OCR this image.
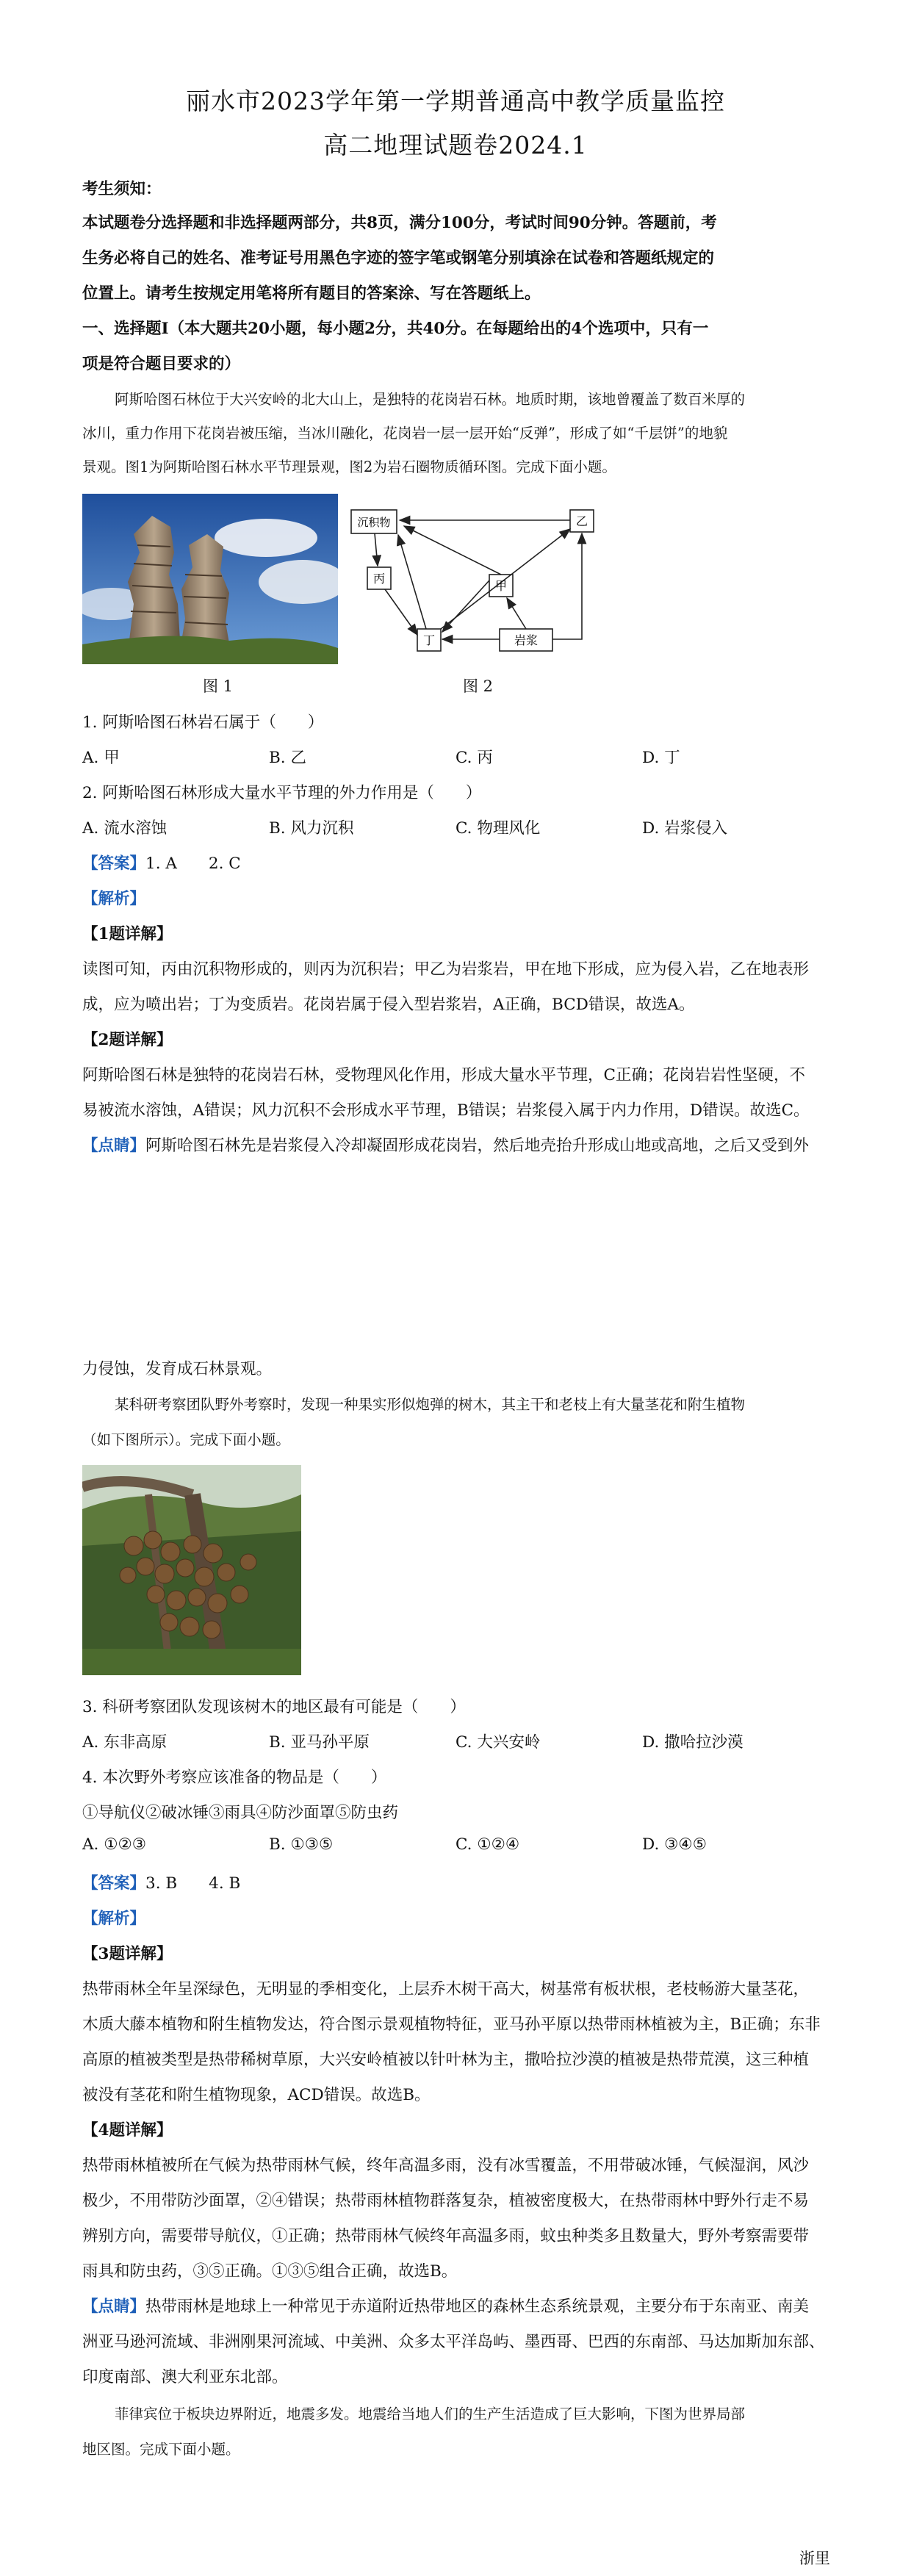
丽水市2023学年第一学期普通高中教学质量监控
高二地理试题卷2024.1
考生须知：
本试题卷分选择题和非选择题两部分，共8页，满分100分，考试时间90分钟。答题前，考
生务必将自己的姓名、准考证号用黑色字迹的签字笔或钢笔分别填涂在试卷和答题纸规定的
位置上。请考生按规定用笔将所有题目的答案涂、写在答题纸上。
一、选择题Ⅰ（本大题共20小题，每小题2分，共40分。在每题给出的4个选项中，只有一
项是符合题目要求的）
阿斯哈图石林位于大兴安岭的北大山上，是独特的花岗岩石林。地质时期，该地曾覆盖了数百米厚的
冰川，重力作用下花岗岩被压缩，当冰川融化，花岗岩一层一层开始“反弹”，形成了如“千层饼”的地貌
景观。图1为阿斯哈图石林水平节理景观，图2为岩石圈物质循环图。完成下面小题。
沉积物
丙
丁	岩浆
甲
乙
图 1	图 2
1. 阿斯哈图石林岩石属于（　　）
A. 甲	B. 乙	C. 丙	D. 丁
2. 阿斯哈图石林形成大量水平节理的外力作用是（　　）
A. 流水溶蚀	B. 风力沉积	C. 物理风化	D. 岩浆侵入
【答案】1. A　　2. C
【解析】
【1题详解】
读图可知，丙由沉积物形成的，则丙为沉积岩；甲乙为岩浆岩，甲在地下形成，应为侵入岩，乙在地表形
成，应为喷出岩；丁为变质岩。花岗岩属于侵入型岩浆岩，A正确，BCD错误，故选A。
【2题详解】
阿斯哈图石林是独特的花岗岩石林，受物理风化作用，形成大量水平节理，C正确；花岗岩岩性坚硬，不
易被流水溶蚀，A错误；风力沉积不会形成水平节理，B错误；岩浆侵入属于内力作用，D错误。故选C。
【点睛】阿斯哈图石林先是岩浆侵入冷却凝固形成花岗岩，然后地壳抬升形成山地或高地，之后又受到外
力侵蚀，发育成石林景观。
某科研考察团队野外考察时，发现一种果实形似炮弹的树木，其主干和老枝上有大量茎花和附生植物
（如下图所示）。完成下面小题。
3. 科研考察团队发现该树木的地区最有可能是（　　）
A. 东非高原	B. 亚马孙平原	C. 大兴安岭	D. 撒哈拉沙漠
4. 本次野外考察应该准备的物品是（　　）
①导航仪②破冰锤③雨具④防沙面罩⑤防虫药
A. ①②③	B. ①③⑤	C. ①②④	D. ③④⑤
【答案】3. B　　4. B
【解析】
【3题详解】
热带雨林全年呈深绿色，无明显的季相变化，上层乔木树干高大，树基常有板状根，老枝畅游大量茎花，
木质大藤本植物和附生植物发达，符合图示景观植物特征，亚马孙平原以热带雨林植被为主，B正确；东非
高原的植被类型是热带稀树草原，大兴安岭植被以针叶林为主，撒哈拉沙漠的植被是热带荒漠，这三种植
被没有茎花和附生植物现象，ACD错误。故选B。
【4题详解】
热带雨林植被所在气候为热带雨林气候，终年高温多雨，没有冰雪覆盖，不用带破冰锤，气候湿润，风沙
极少，不用带防沙面罩，②④错误；热带雨林植物群落复杂，植被密度极大，在热带雨林中野外行走不易
辨别方向，需要带导航仪，①正确；热带雨林气候终年高温多雨，蚊虫种类多且数量大，野外考察需要带
雨具和防虫药，③⑤正确。①③⑤组合正确，故选B。
【点睛】热带雨林是地球上一种常见于赤道附近热带地区的森林生态系统景观，主要分布于东南亚、南美
洲亚马逊河流域、非洲刚果河流域、中美洲、众多太平洋岛屿、墨西哥、巴西的东南部、马达加斯加东部、
印度南部、澳大利亚东北部。
菲律宾位于板块边界附近，地震多发。地震给当地人们的生产生活造成了巨大影响，下图为世界局部
地区图。完成下面小题。
浙里
